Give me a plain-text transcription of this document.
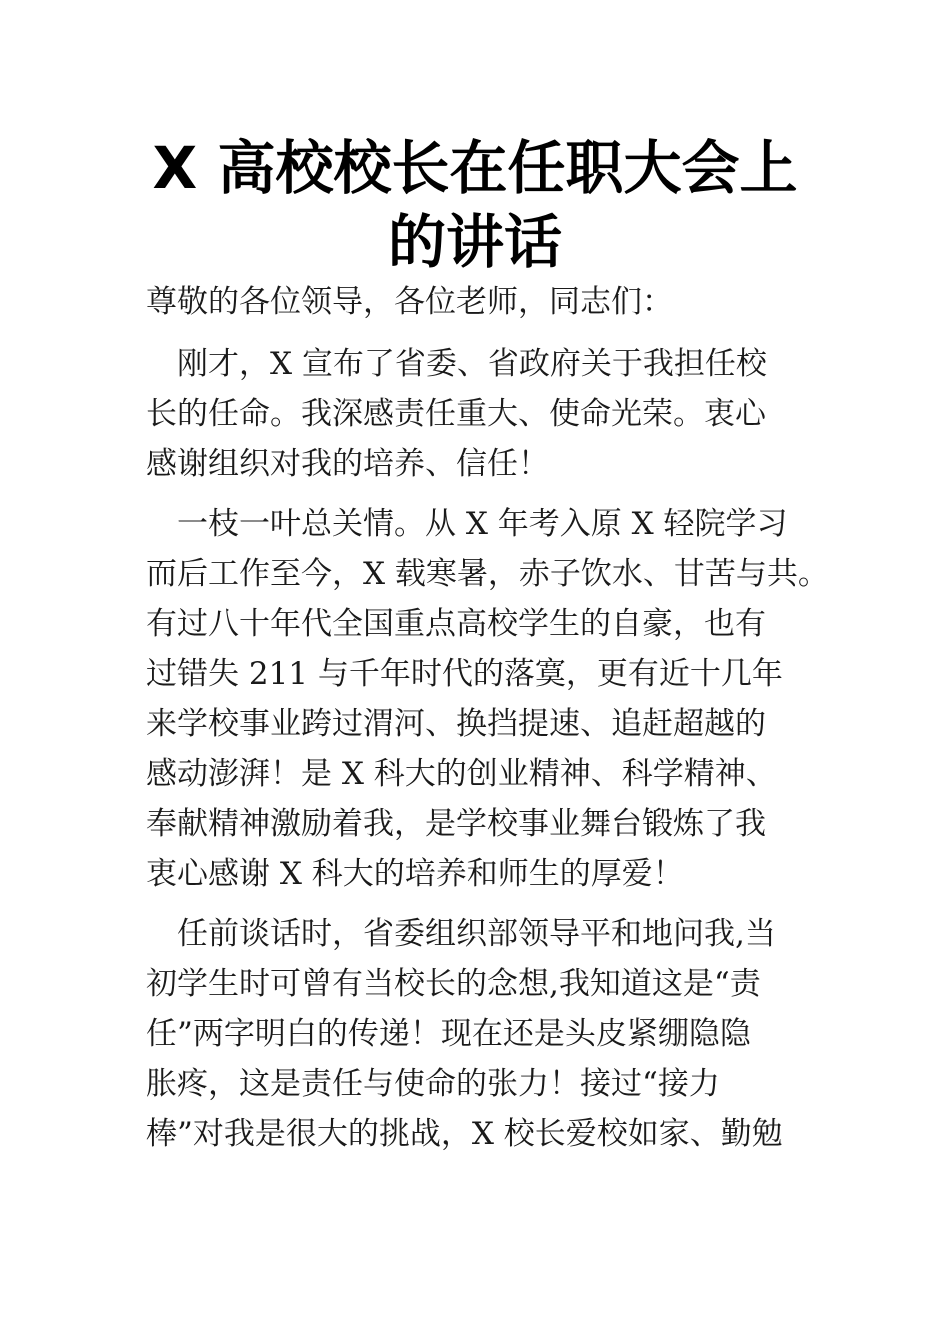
X 高校校长在任职大会上
的讲话

尊敬的各位领导，各位老师，同志们：

　刚才，X 宣布了省委、省政府关于我担任校

长的任命。我深感责任重大、使命光荣。衷心

感谢组织对我的培养、信任！

　一枝一叶总关情。从 X 年考入原 X 轻院学习

而后工作至今，X 载寒暑，赤子饮水、甘苦与共。

有过八十年代全国重点高校学生的自豪，也有

过错失 211 与千年时代的落寞，更有近十几年

来学校事业跨过渭河、换挡提速、追赶超越的

感动澎湃！是 X 科大的创业精神、科学精神、

奉献精神激励着我，是学校事业舞台锻炼了我

衷心感谢 X 科大的培养和师生的厚爱！

　任前谈话时，省委组织部领导平和地问我,当

初学生时可曾有当校长的念想,我知道这是“责

任”两字明白的传递！现在还是头皮紧绷隐隐

胀疼，这是责任与使命的张力！接过“接力

棒”对我是很大的挑战，X 校长爱校如家、勤勉
